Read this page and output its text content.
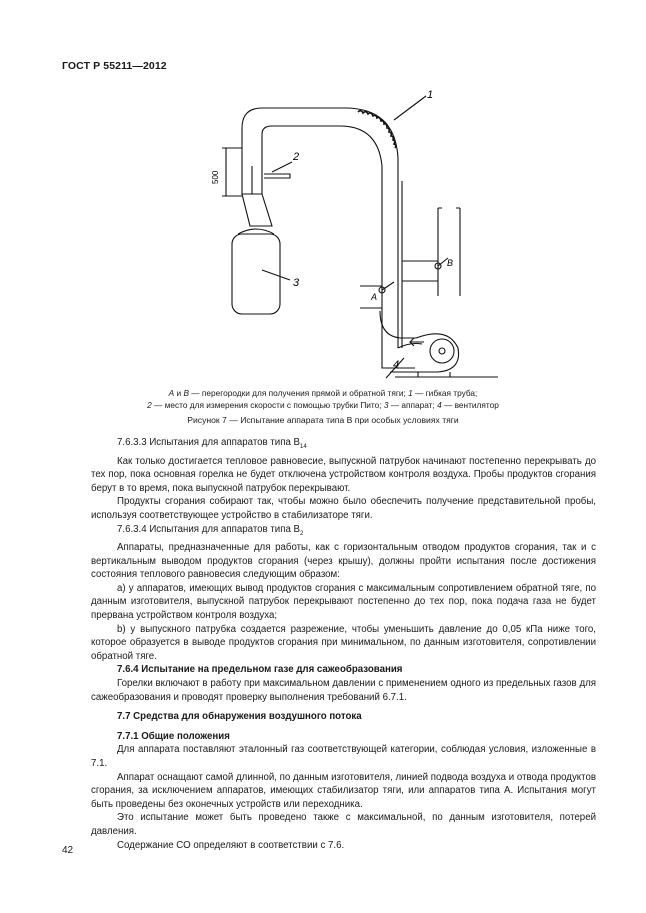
ГОСТ Р 55211—2012
1
2
3
4
А
В
500
А и В — перегородки для получения прямой и обратной тяги; 1 — гибкая труба;
2 — место для измерения скорости с помощью трубки Пито; 3 — аппарат; 4 — вентилятор
Рисунок 7 — Испытание аппарата типа В при особых условиях тяги
7.6.3.3 Испытания для аппаратов типа $В_{14}$
Как только достигается тепловое равновесие, выпускной патрубок начинают постепенно перекрывать до тех пор, пока основная горелка не будет отключена устройством контроля воздуха. Пробы продуктов сгорания берут в то время, пока выпускной патрубок перекрывают.
Продукты сгорания собирают так, чтобы можно было обеспечить получение представительной пробы, используя соответствующее устройство в стабилизаторе тяги.
7.6.3.4 Испытания для аппаратов типа $В_2$
Аппараты, предназначенные для работы, как с горизонтальным отводом продуктов сгорания, так и с вертикальным выводом продуктов сгорания (через крышу), должны пройти испытания после достижения состояния теплового равновесия следующим образом:
а) у аппаратов, имеющих вывод продуктов сгорания с максимальным сопротивлением обратной тяге, по данным изготовителя, выпускной патрубок перекрывают постепенно до тех пор, пока подача газа не будет прервана устройством контроля воздуха;
b) у выпускного патрубка создается разрежение, чтобы уменьшить давление до 0,05 кПа ниже того, которое образуется в выводе продуктов сгорания при минимальном, по данным изготовителя, сопротивлении обратной тяге.
7.6.4 Испытание на предельном газе для сажеобразования
Горелки включают в работу при максимальном давлении с применением одного из предельных газов для сажеобразования и проводят проверку выполнения требований 6.7.1.
7.7 Средства для обнаружения воздушного потока
7.7.1 Общие положения
Для аппарата поставляют эталонный газ соответствующей категории, соблюдая условия, изложенные в 7.1.
Аппарат оснащают самой длинной, по данным изготовителя, линией подвода воздуха и отвода продуктов сгорания, за исключением аппаратов, имеющих стабилизатор тяги, или аппаратов типа А. Испытания могут быть проведены без оконечных устройств или переходника.
Это испытание может быть проведено также с максимальной, по данным изготовителя, потерей давления.
Содержание СО определяют в соответствии с 7.6.
42
